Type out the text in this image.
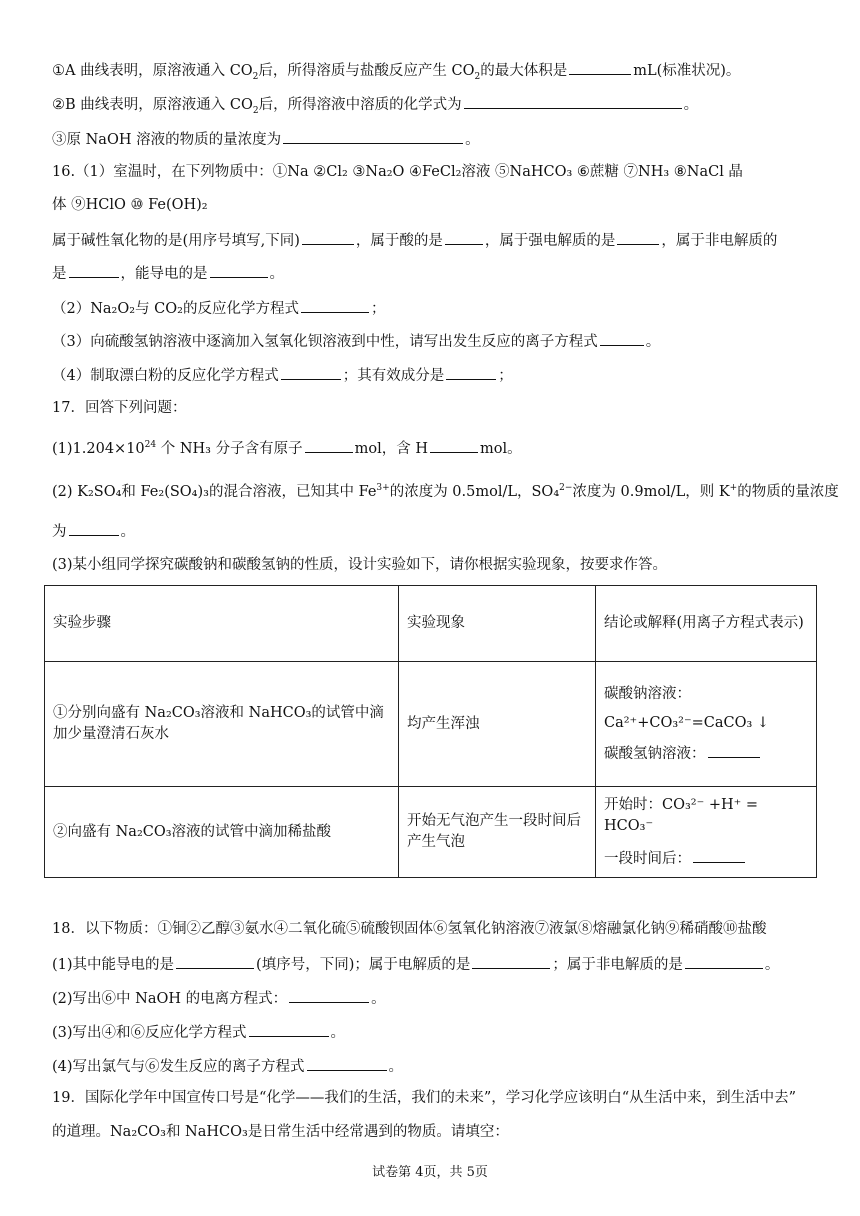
①A 曲线表明，原溶液通入 $CO_2$后，所得溶质与盐酸反应产生 $CO_2$的最大体积是	mL(标准状况)。
②B 曲线表明，原溶液通入 $CO_2$后，所得溶液中溶质的化学式为	。
③原 NaOH 溶液的物质的量浓度为	。
16.（1）室温时，在下列物质中：①Na ②Cl₂ ③Na₂O ④FeCl₂溶液 ⑤NaHCO₃ ⑥蔗糖 ⑦NH₃ ⑧NaCl 晶
体 ⑨HClO ⑩ Fe(OH)₂
属于碱性氧化物的是(用序号填写,下同)	，属于酸的是	，属于强电解质的是	，属于非电解质的
是	，能导电的是	。
（2）Na₂O₂与 CO₂的反应化学方程式	；
（3）向硫酸氢钠溶液中逐滴加入氢氧化钡溶液到中性，请写出发生反应的离子方程式	。
（4）制取漂白粉的反应化学方程式	；其有效成分是	；
17．回答下列问题：
$(1)1.204\times 10^{24}$ 个 NH₃ 分子含有原子	mol，含 H	mol。
(2) K₂SO₄和 Fe₂(SO₄)₃的混合溶液，已知其中 $Fe^{3+}$的浓度为 0.5mol/L，SO₄$^{2-}$浓度为 0.9mol/L，则 K+的物质的量浓度
为	。
(3)某小组同学探究碳酸钠和碳酸氢钠的性质，设计实验如下，请你根据实验现象，按要求作答。
实验步骤	实验现象	结论或解释(用离子方程式表示)
①分别向盛有 Na₂CO₃溶液和 NaHCO₃的试管中滴加少量澄清石灰水	均产生浑浊	碳酸钠溶液：
Ca²⁺+CO₃²⁻=CaCO₃ ↓
碳酸氢钠溶液：

②向盛有 Na₂CO₃溶液的试管中滴加稀盐酸	开始无气泡产生一段时间后产生气泡	开始时：CO₃²⁻ +H⁺ = HCO₃⁻
一段时间后：
18．以下物质：①铜②乙醇③氨水④二氧化硫⑤硫酸钡固体⑥氢氧化钠溶液⑦液氯⑧熔融氯化钠⑨稀硝酸⑩盐酸
(1)其中能导电的是	(填序号，下同)；属于电解质的是	；属于非电解质的是	。
(2)写出⑥中 NaOH 的电离方程式：	。
(3)写出④和⑥反应化学方程式	。
(4)写出氯气与⑥发生反应的离子方程式	。
19．国际化学年中国宣传口号是“化学——我们的生活，我们的未来”，学习化学应该明白“从生活中来，到生活中去”
的道理。Na₂CO₃和 NaHCO₃是日常生活中经常遇到的物质。请填空：
试卷第 4页，共 5页
